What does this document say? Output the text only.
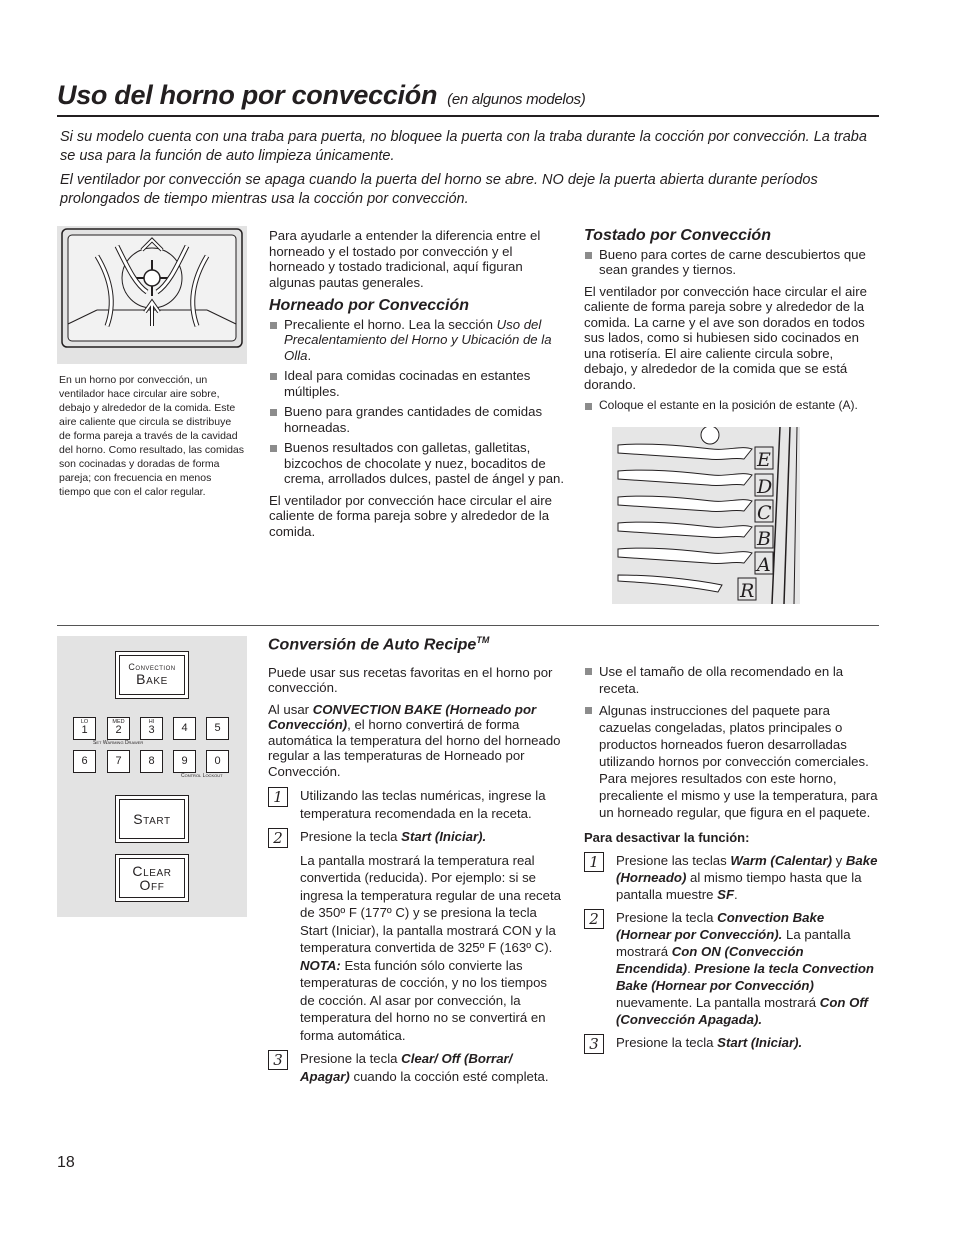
Uso del horno por convección (en algunos modelos)

Si su modelo cuenta con una traba para puerta, no bloquee la puerta con la traba durante la cocción por convección. La traba se usa para la función de auto limpieza únicamente.

El ventilador por convección se apaga cuando la puerta del horno se abre. NO deje la puerta abierta durante períodos prolongados de tiempo mientras usa la cocción por convección.

En un horno por convección, un ventilador hace circular aire sobre, debajo y alrededor de la comida. Este aire caliente que circula se distribuye de forma pareja a través de la cavidad del horno. Como resultado, las comidas son cocinadas y doradas de forma pareja; con frecuencia en menos tiempo que con el calor regular.

Para ayudarle a entender la diferencia entre el horneado y el tostado por convección y el horneado y tostado tradicional, aquí figuran algunas pautas generales.

Horneado por Convección
Precaliente el horno. Lea la sección Uso del Precalentamiento del Horno y Ubicación de la Olla.
Ideal para comidas cocinadas en estantes múltiples.
Bueno para grandes cantidades de comidas horneadas.
Buenos resultados con galletas, galletitas, bizcochos de chocolate y nuez, bocaditos de crema, arrollados dulces, pastel de ángel y pan.

El ventilador por convección hace circular el aire caliente de forma pareja sobre y alrededor de la comida.

Tostado por Convección
Bueno para cortes de carne descubiertos que sean grandes y tiernos.

El ventilador por convección hace circular el aire caliente de forma pareja sobre y alrededor de la comida. La carne y el ave son dorados en todos sus lados, como si hubiesen sido cocinados en una rotisería. El aire caliente circula sobre, debajo, y alrededor de la comida que se está dorando.

Coloque el estante en la posición de estante (A).
E
D
C
B
A
R
Convection
Bake
LO
1
MED
2
HI
3	4	5
Set Warming Drawer
6	7	8	9	0
Control Lockout
Start
Clear
Off
Conversión de Auto Recipe™

Puede usar sus recetas favoritas en el horno por convección.

Al usar CONVECTION BAKE (Horneado por Convección), el horno convertirá de forma automática la temperatura del horno del horneado regular a las temperaturas de Horneado por Convección.

1	Utilizando las teclas numéricas, ingrese la temperatura recomendada en la receta.
2	Presione la tecla Start (Iniciar).
La pantalla mostrará la temperatura real convertida (reducida). Por ejemplo: si se ingresa la temperatura regular de una receta de 350º F (177º C) y se presiona la tecla Start (Iniciar), la pantalla mostrará CON y la temperatura convertida de 325º F (163º C).
NOTA: Esta función sólo convierte las temperaturas de cocción, y no los tiempos de cocción. Al asar por convección, la temperatura del horno no se convertirá en forma automática.
3	Presione la tecla Clear/ Off (Borrar/ Apagar) cuando la cocción esté completa.
Use el tamaño de olla recomendado en la receta.
Algunas instrucciones del paquete para cazuelas congeladas, platos principales o productos horneados fueron desarrolladas utilizando hornos por convección comerciales. Para mejores resultados con este horno, precaliente el mismo y use la temperatura, para un horneado regular, que figura en el paquete.
Para desactivar la función:
1	Presione las teclas Warm (Calentar) y Bake (Horneado) al mismo tiempo hasta que la pantalla muestre SF.
2	Presione la tecla Convection Bake (Hornear por Convección). La pantalla mostrará Con ON (Convección Encendida). Presione la tecla Convection Bake (Hornear por Convección) nuevamente. La pantalla mostrará Con Off (Convección Apagada).
3	Presione la tecla Start (Iniciar).
18
